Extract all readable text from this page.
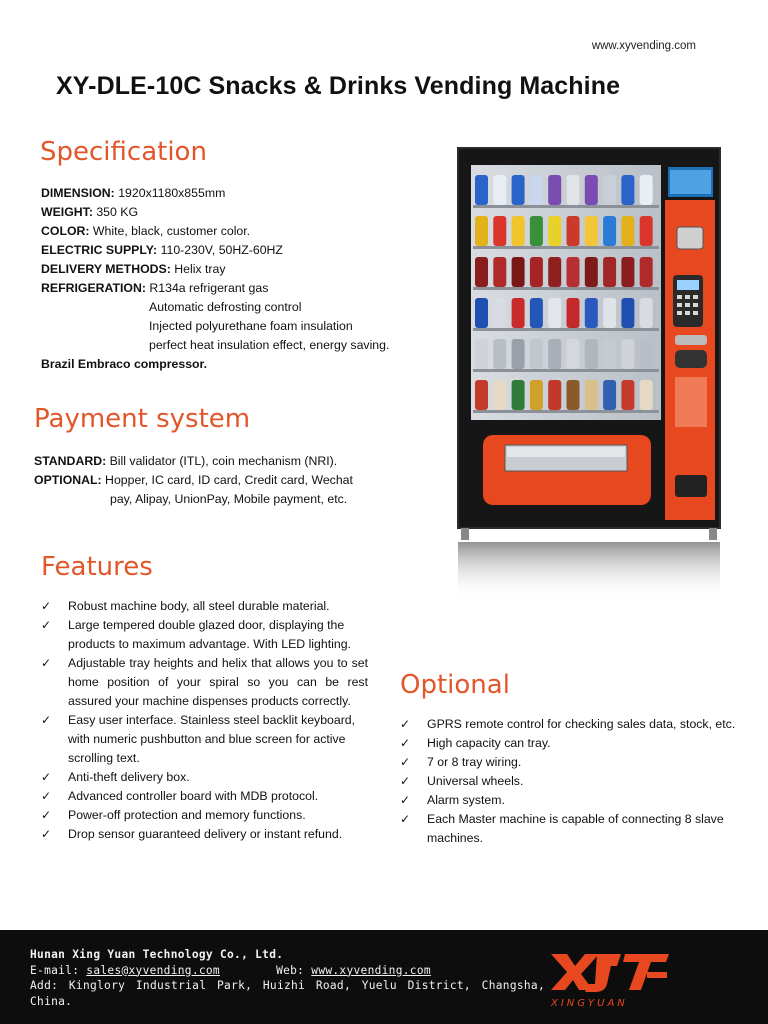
www.xyvending.com
XY-DLE-10C Snacks & Drinks Vending Machine
Specification
DIMENSION: 1920x1180x855mm
WEIGHT: 350 KG
COLOR: White, black, customer color.
ELECTRIC SUPPLY: 110-230V, 50HZ-60HZ
DELIVERY METHODS: Helix tray
REFRIGERATION: R134a refrigerant gas
Automatic defrosting control
Injected polyurethane foam insulation
perfect heat insulation effect, energy saving.
Brazil Embraco compressor.
Payment system
STANDARD: Bill validator (ITL), coin mechanism (NRI).
OPTIONAL: Hopper, IC card, ID card, Credit card, Wechat
pay, Alipay, UnionPay, Mobile payment, etc.
Features
✓ Robust machine body, all steel durable material.
✓ Large tempered double glazed door, displaying the products to maximum advantage. With LED lighting.
✓ Adjustable tray heights and helix that allows you to set home position of your spiral so you can be rest assured your machine dispenses products correctly.
✓ Easy user interface. Stainless steel backlit keyboard, with numeric pushbutton and blue screen for active scrolling text.
✓ Anti-theft delivery box.
✓ Advanced controller board with MDB protocol.
✓ Power-off protection and memory functions.
✓ Drop sensor guaranteed delivery or instant refund.
Optional
✓ GPRS remote control for checking sales data, stock, etc.
✓ High capacity can tray.
✓ 7 or 8 tray wiring.
✓ Universal wheels.
✓ Alarm system.
✓ Each Master machine is capable of connecting 8 slave machines.
Hunan Xing Yuan Technology Co., Ltd.
E-mail: sales@xyvending.com	Web: www.xyvending.com
Add: Kinglory Industrial Park, Huizhi Road, Yuelu District, Changsha, China.	XINGYUAN
